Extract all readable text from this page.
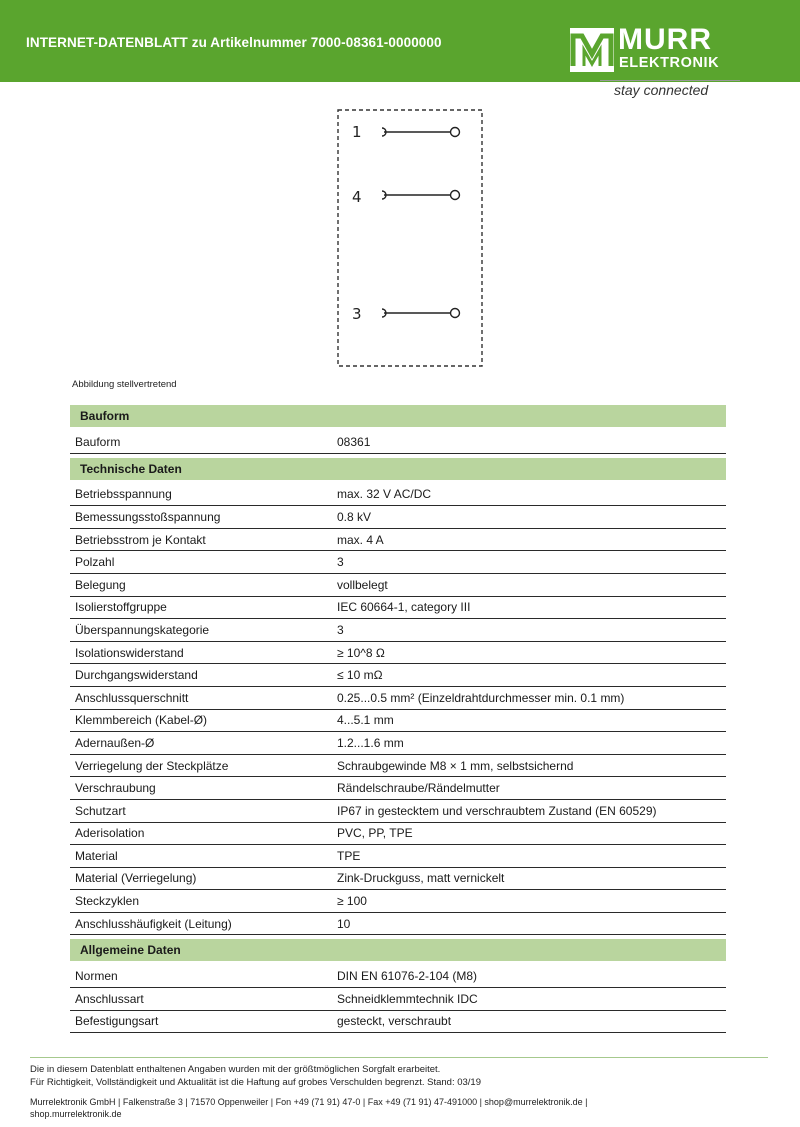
INTERNET-DATENBLATT zu Artikelnummer 7000-08361-0000000	MURR
ELEKTRONIK
stay connected
1
4
3
Abbildung stellvertretend
Bauform
Bauform	08361
Technische Daten
Betriebsspannung	max. 32 V AC/DC
Bemessungsstoßspannung	0.8 kV
Betriebsstrom je Kontakt	max. 4 A
Polzahl	3
Belegung	vollbelegt
Isolierstoffgruppe	IEC 60664-1, category III
Überspannungskategorie	3
Isolationswiderstand	≥ 10^8 Ω
Durchgangswiderstand	≤ 10 mΩ
Anschlussquerschnitt	0.25...0.5 mm² (Einzeldrahtdurchmesser min. 0.1 mm)
Klemmbereich (Kabel-Ø)	4...5.1 mm
Adernaußen-Ø	1.2...1.6 mm
Verriegelung der Steckplätze	Schraubgewinde M8 × 1 mm, selbstsichernd
Verschraubung	Rändelschraube/Rändelmutter
Schutzart	IP67 in gestecktem und verschraubtem Zustand (EN 60529)
Aderisolation	PVC, PP, TPE
Material	TPE
Material (Verriegelung)	Zink-Druckguss, matt vernickelt
Steckzyklen	≥ 100
Anschlusshäufigkeit (Leitung)	10
Allgemeine Daten
Normen	DIN EN 61076-2-104 (M8)
Anschlussart	Schneidklemmtechnik IDC
Befestigungsart	gesteckt, verschraubt
Die in diesem Datenblatt enthaltenen Angaben wurden mit der größtmöglichen Sorgfalt erarbeitet.
Für Richtigkeit, Vollständigkeit und Aktualität ist die Haftung auf grobes Verschulden begrenzt. Stand: 03/19
Murrelektronik GmbH | Falkenstraße 3 | 71570 Oppenweiler | Fon +49 (71 91) 47-0 | Fax +49 (71 91) 47-491000 | shop@murrelektronik.de |
shop.murrelektronik.de
